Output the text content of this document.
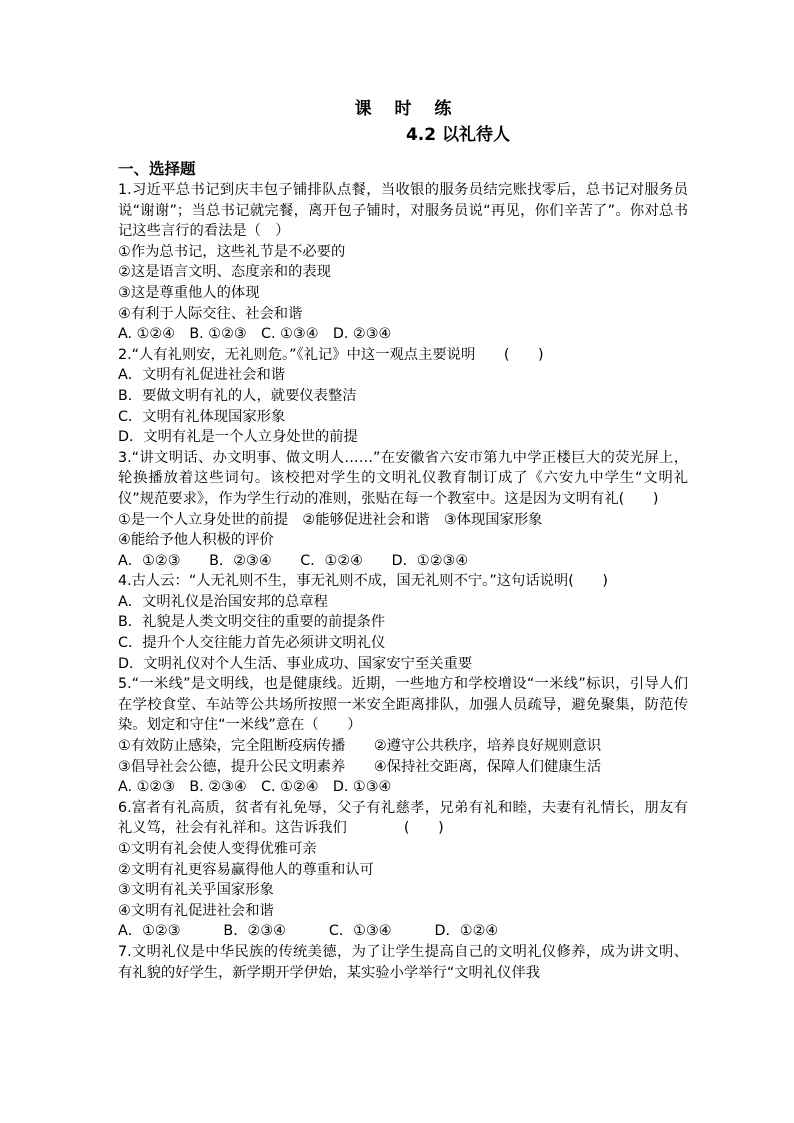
课 时 练
4.2 以礼待人
一、选择题

1.习近平总书记到庆丰包子铺排队点餐，当收银的服务员结完账找零后，总书记对服务员说“谢谢”；当总书记就完餐，离开包子铺时，对服务员说“再见，你们辛苦了”。你对总书记这些言行的看法是（　）

①作为总书记，这些礼节是不必要的

②这是语言文明、态度亲和的表现

③这是尊重他人的体现

④有利于人际交往、社会和谐

A. ①②④　B. ①②③　C. ①③④　D. ②③④

2.“人有礼则安，无礼则危。”《礼记》中这一观点主要说明　　(　　)

A．文明有礼促进社会和谐

B．要做文明有礼的人，就要仪表整洁

C．文明有礼体现国家形象

D．文明有礼是一个人立身处世的前提

3.“讲文明话、办文明事、做文明人……”在安徽省六安市第九中学正楼巨大的荧光屏上，轮换播放着这些词句。该校把对学生的文明礼仪教育制订成了《六安九中学生“文明礼仪”规范要求》，作为学生行动的准则，张贴在每一个教室中。这是因为文明有礼(　　)

①是一个人立身处世的前提　②能够促进社会和谐　③体现国家形象

④能给予他人积极的评价

A．①②③　　B．②③④　　C．①②④　　D．①②③④

4.古人云：“人无礼则不生，事无礼则不成，国无礼则不宁。”这句话说明(　　)

A．文明礼仪是治国安邦的总章程

B．礼貌是人类文明交往的重要的前提条件

C．提升个人交往能力首先必须讲文明礼仪

D．文明礼仪对个人生活、事业成功、国家安宁至关重要

5.“一米线”是文明线，也是健康线。近期，一些地方和学校增设“一米线”标识，引导人们在学校食堂、车站等公共场所按照一米安全距离排队，加强人员疏导，避免聚集，防范传染。划定和守住“一米线”意在（　　）

①有效防止感染，完全阻断疫病传播　　②遵守公共秩序，培养良好规则意识

③倡导社会公德，提升公民文明素养　　④保持社交距离，保障人们健康生活

A. ①②③　B. ②③④　C. ①②④　D. ①③④

6.富者有礼高质，贫者有礼免辱，父子有礼慈孝，兄弟有礼和睦，夫妻有礼情长，朋友有礼义笃，社会有礼祥和。这告诉我们　　　　(　　)

①文明有礼会使人变得优雅可亲

②文明有礼更容易赢得他人的尊重和认可

③文明有礼关乎国家形象

④文明有礼促进社会和谐

A．①②③　　　B．②③④　　　C．①③④　　　D．①②④

7.文明礼仪是中华民族的传统美德，为了让学生提高自己的文明礼仪修养，成为讲文明、有礼貌的好学生，新学期开学伊始，某实验小学举行“文明礼仪伴我
